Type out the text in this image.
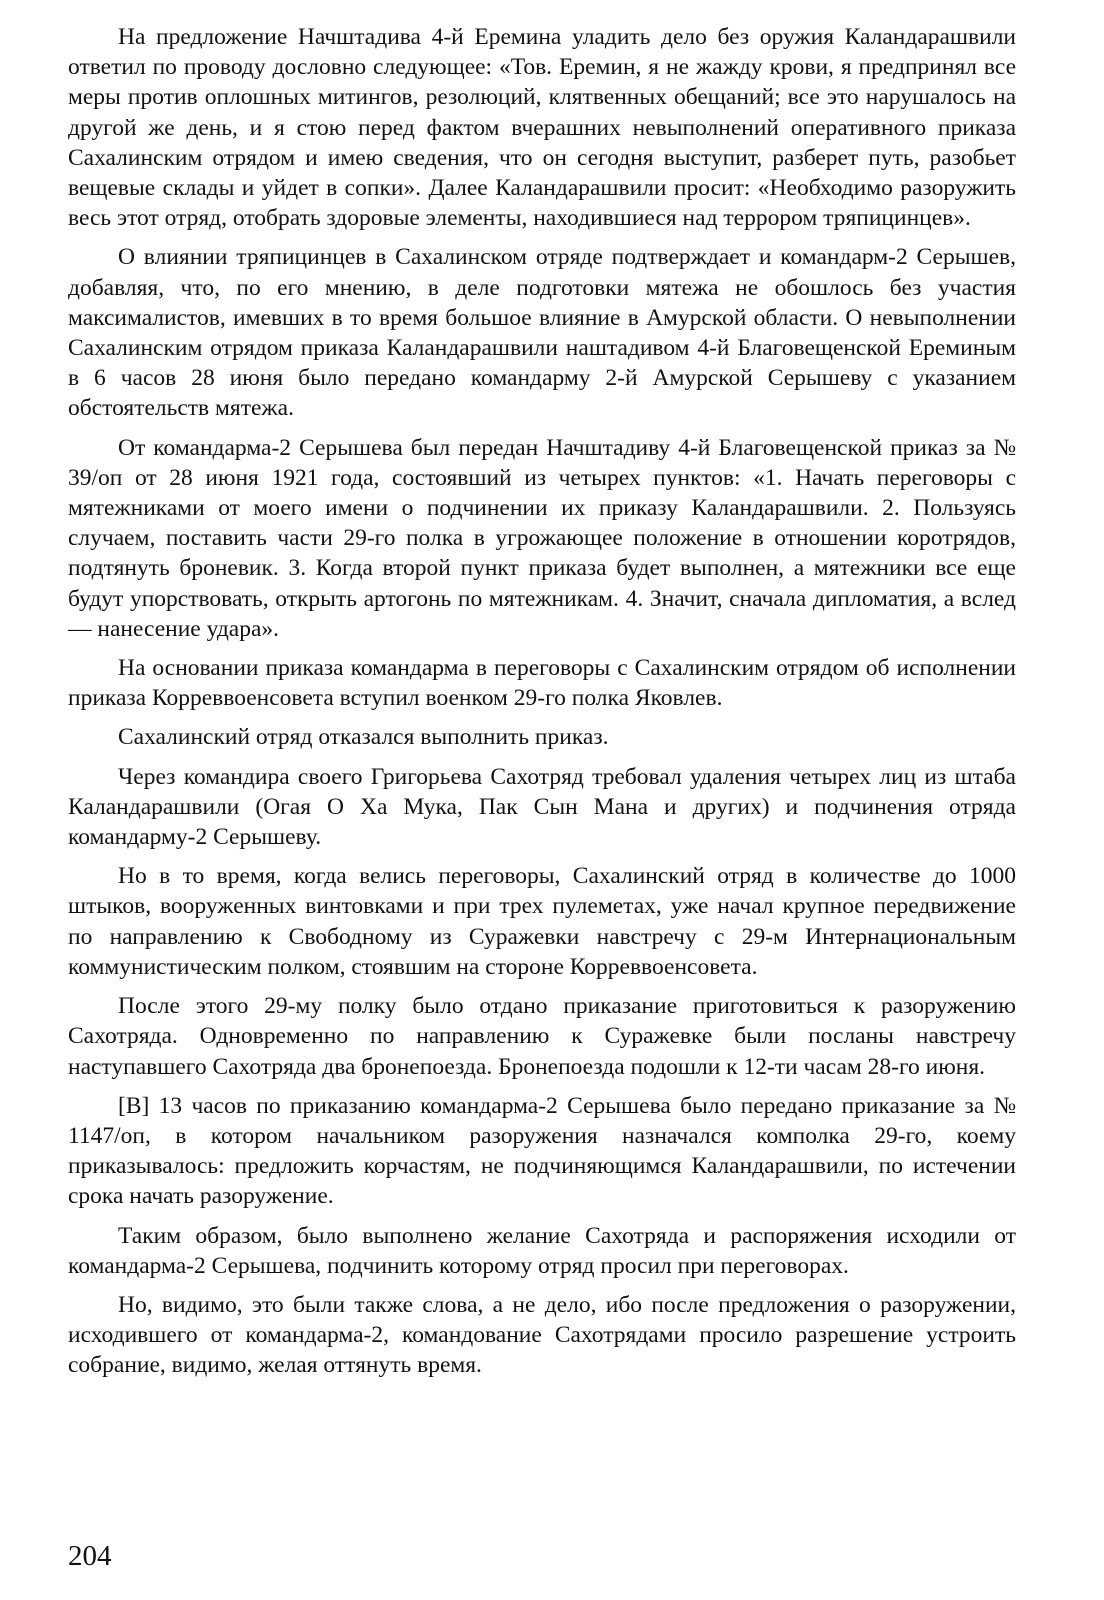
На предложение Начштадива 4-й Еремина уладить дело без оружия Каландарашвили ответил по проводу дословно следующее: «Тов. Еремин, я не жажду крови, я предпринял все меры против оплошных митингов, резолюций, клятвенных обещаний; все это нарушалось на другой же день, и я стою перед фактом вчерашних невыполнений оперативного приказа Сахалинским отрядом и имею сведения, что он сегодня выступит, разберет путь, разобьет вещевые склады и уйдет в сопки». Далее Каландарашвили просит: «Необходимо разоружить весь этот отряд, отобрать здоровые элементы, находившиеся над террором тряпицинцев».

О влиянии тряпицинцев в Сахалинском отряде подтверждает и командарм-2 Серышев, добавляя, что, по его мнению, в деле подготовки мятежа не обошлось без участия максималистов, имевших в то время большое влияние в Амурской области. О невыполнении Сахалинским отрядом приказа Каландарашвили наштадивом 4-й Благовещенской Ереминым в 6 часов 28 июня было передано командарму 2-й Амурской Серышеву с указанием обстоятельств мятежа.

От командарма-2 Серышева был передан Начштадиву 4-й Благовещенской приказ за № 39/оп от 28 июня 1921 года, состоявший из четырех пунктов: «1. Начать переговоры с мятежниками от моего имени о подчинении их приказу Каландарашвили. 2. Пользуясь случаем, поставить части 29-го полка в угрожающее положение в отношении коротрядов, подтянуть броневик. 3. Когда второй пункт приказа будет выполнен, а мятежники все еще будут упорствовать, открыть артогонь по мятежникам. 4. Значит, сначала дипломатия, а вслед — нанесение удара».

На основании приказа командарма в переговоры с Сахалинским отрядом об исполнении приказа Корреввоенсовета вступил военком 29-го полка Яковлев.

Сахалинский отряд отказался выполнить приказ.

Через командира своего Григорьева Сахотряд требовал удаления четырех лиц из штаба Каландарашвили (Огая О Ха Мука, Пак Сын Мана и других) и подчинения отряда командарму-2 Серышеву.

Но в то время, когда велись переговоры, Сахалинский отряд в количестве до 1000 штыков, вооруженных винтовками и при трех пулеметах, уже начал крупное передвижение по направлению к Свободному из Суражевки навстречу с 29-м Интернациональным коммунистическим полком, стоявшим на стороне Корреввоенсовета.

После этого 29-му полку было отдано приказание приготовиться к разоружению Сахотряда. Одновременно по направлению к Суражевке были посланы навстречу наступавшего Сахотряда два бронепоезда. Бронепоезда подошли к 12-ти часам 28-го июня.

[В] 13 часов по приказанию командарма-2 Серышева было передано приказание за № 1147/оп, в котором начальником разоружения назначался комполка 29-го, коему приказывалось: предложить корчастям, не подчиняющимся Каландарашвили, по истечении срока начать разоружение.

Таким образом, было выполнено желание Сахотряда и распоряжения исходили от командарма-2 Серышева, подчинить которому отряд просил при переговорах.

Но, видимо, это были также слова, а не дело, ибо после предложения о разоружении, исходившего от командарма-2, командование Сахотрядами просило разрешение устроить собрание, видимо, желая оттянуть время.

204
